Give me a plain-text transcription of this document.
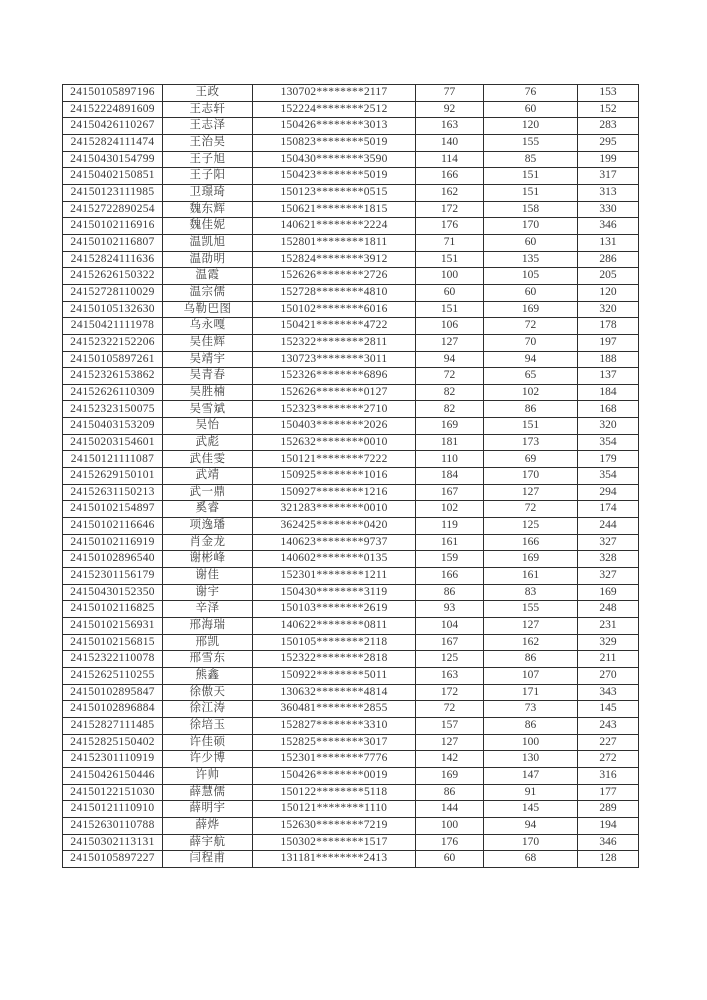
24150105897196	王政	130702********2117	77	76	153
24152224891609	王志轩	152224********2512	92	60	152
24150426110267	王志泽	150426********3013	163	120	283
24152824111474	王治昊	150823********5019	140	155	295
24150430154799	王子旭	150430********3590	114	85	199
24150402150851	王子阳	150423********5019	166	151	317
24150123111985	卫璟琦	150123********0515	162	151	313
24152722890254	魏东辉	150621********1815	172	158	330
24150102116916	魏佳妮	140621********2224	176	170	346
24150102116807	温凯旭	152801********1811	71	60	131
24152824111636	温劭明	152824********3912	151	135	286
24152626150322	温霞	152626********2726	100	105	205
24152728110029	温宗儒	152728********4810	60	60	120
24150105132630	乌勒巴图	150102********6016	151	169	320
24150421111978	乌永嘎	150421********4722	106	72	178
24152322152206	吴佳辉	152322********2811	127	70	197
24150105897261	吴靖宇	130723********3011	94	94	188
24152326153862	吴青春	152326********6896	72	65	137
24152626110309	吴胜楠	152626********0127	82	102	184
24152323150075	吴雪斌	152323********2710	82	86	168
24150403153209	吴怡	150403********2026	169	151	320
24150203154601	武彪	152632********0010	181	173	354
24150121111087	武佳雯	150121********7222	110	69	179
24152629150101	武靖	150925********1016	184	170	354
24152631150213	武一鼎	150927********1216	167	127	294
24150102154897	奚睿	321283********0010	102	72	174
24150102116646	项逸璠	362425********0420	119	125	244
24150102116919	肖金龙	140623********9737	161	166	327
24150102896540	谢彬峰	140602********0135	159	169	328
24152301156179	谢佳	152301********1211	166	161	327
24150430152350	谢宇	150430********3119	86	83	169
24150102116825	辛泽	150103********2619	93	155	248
24150102156931	邢海瑞	140622********0811	104	127	231
24150102156815	邢凯	150105********2118	167	162	329
24152322110078	邢雪东	152322********2818	125	86	211
24152625110255	熊鑫	150922********5011	163	107	270
24150102895847	徐傲天	130632********4814	172	171	343
24150102896884	徐江涛	360481********2855	72	73	145
24152827111485	徐培玉	152827********3310	157	86	243
24152825150402	许佳硕	152825********3017	127	100	227
24152301110919	许少博	152301********7776	142	130	272
24150426150446	许帅	150426********0019	169	147	316
24150122151030	薛慧儒	150122********5118	86	91	177
24150121110910	薛明宇	150121********1110	144	145	289
24152630110788	薛烨	152630********7219	100	94	194
24150302113131	薛宇航	150302********1517	176	170	346
24150105897227	闫程甫	131181********2413	60	68	128
